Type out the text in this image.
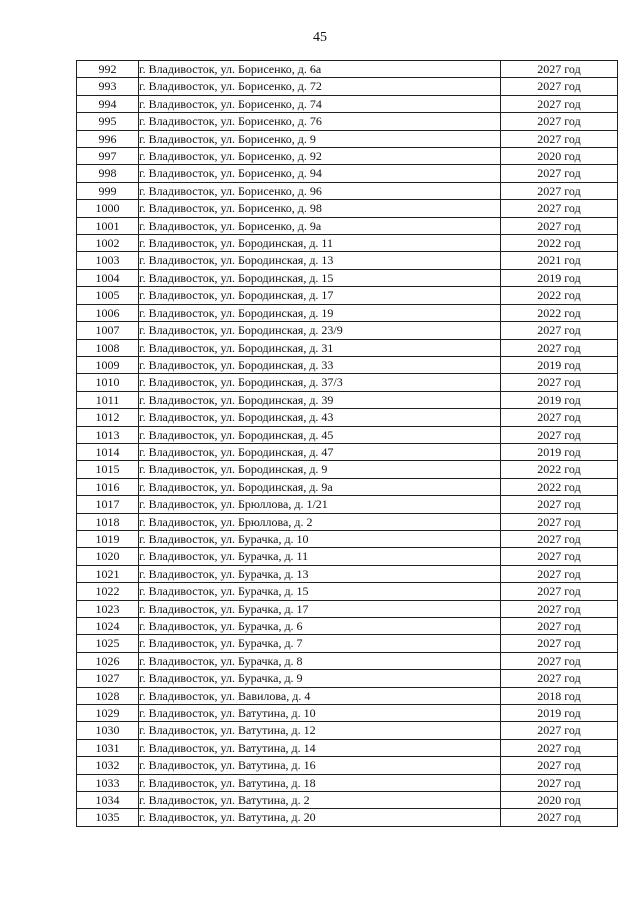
45
992	г. Владивосток, ул. Борисенко, д. 6а	2027 год
993	г. Владивосток, ул. Борисенко, д. 72	2027 год
994	г. Владивосток, ул. Борисенко, д. 74	2027 год
995	г. Владивосток, ул. Борисенко, д. 76	2027 год
996	г. Владивосток, ул. Борисенко, д. 9	2027 год
997	г. Владивосток, ул. Борисенко, д. 92	2020 год
998	г. Владивосток, ул. Борисенко, д. 94	2027 год
999	г. Владивосток, ул. Борисенко, д. 96	2027 год
1000	г. Владивосток, ул. Борисенко, д. 98	2027 год
1001	г. Владивосток, ул. Борисенко, д. 9а	2027 год
1002	г. Владивосток, ул. Бородинская, д. 11	2022 год
1003	г. Владивосток, ул. Бородинская, д. 13	2021 год
1004	г. Владивосток, ул. Бородинская, д. 15	2019 год
1005	г. Владивосток, ул. Бородинская, д. 17	2022 год
1006	г. Владивосток, ул. Бородинская, д. 19	2022 год
1007	г. Владивосток, ул. Бородинская, д. 23/9	2027 год
1008	г. Владивосток, ул. Бородинская, д. 31	2027 год
1009	г. Владивосток, ул. Бородинская, д. 33	2019 год
1010	г. Владивосток, ул. Бородинская, д. 37/3	2027 год
1011	г. Владивосток, ул. Бородинская, д. 39	2019 год
1012	г. Владивосток, ул. Бородинская, д. 43	2027 год
1013	г. Владивосток, ул. Бородинская, д. 45	2027 год
1014	г. Владивосток, ул. Бородинская, д. 47	2019 год
1015	г. Владивосток, ул. Бородинская, д. 9	2022 год
1016	г. Владивосток, ул. Бородинская, д. 9а	2022 год
1017	г. Владивосток, ул. Брюллова, д. 1/21	2027 год
1018	г. Владивосток, ул. Брюллова, д. 2	2027 год
1019	г. Владивосток, ул. Бурачка, д. 10	2027 год
1020	г. Владивосток, ул. Бурачка, д. 11	2027 год
1021	г. Владивосток, ул. Бурачка, д. 13	2027 год
1022	г. Владивосток, ул. Бурачка, д. 15	2027 год
1023	г. Владивосток, ул. Бурачка, д. 17	2027 год
1024	г. Владивосток, ул. Бурачка, д. 6	2027 год
1025	г. Владивосток, ул. Бурачка, д. 7	2027 год
1026	г. Владивосток, ул. Бурачка, д. 8	2027 год
1027	г. Владивосток, ул. Бурачка, д. 9	2027 год
1028	г. Владивосток, ул. Вавилова, д. 4	2018 год
1029	г. Владивосток, ул. Ватутина, д. 10	2019 год
1030	г. Владивосток, ул. Ватутина, д. 12	2027 год
1031	г. Владивосток, ул. Ватутина, д. 14	2027 год
1032	г. Владивосток, ул. Ватутина, д. 16	2027 год
1033	г. Владивосток, ул. Ватутина, д. 18	2027 год
1034	г. Владивосток, ул. Ватутина, д. 2	2020 год
1035	г. Владивосток, ул. Ватутина, д. 20	2027 год
